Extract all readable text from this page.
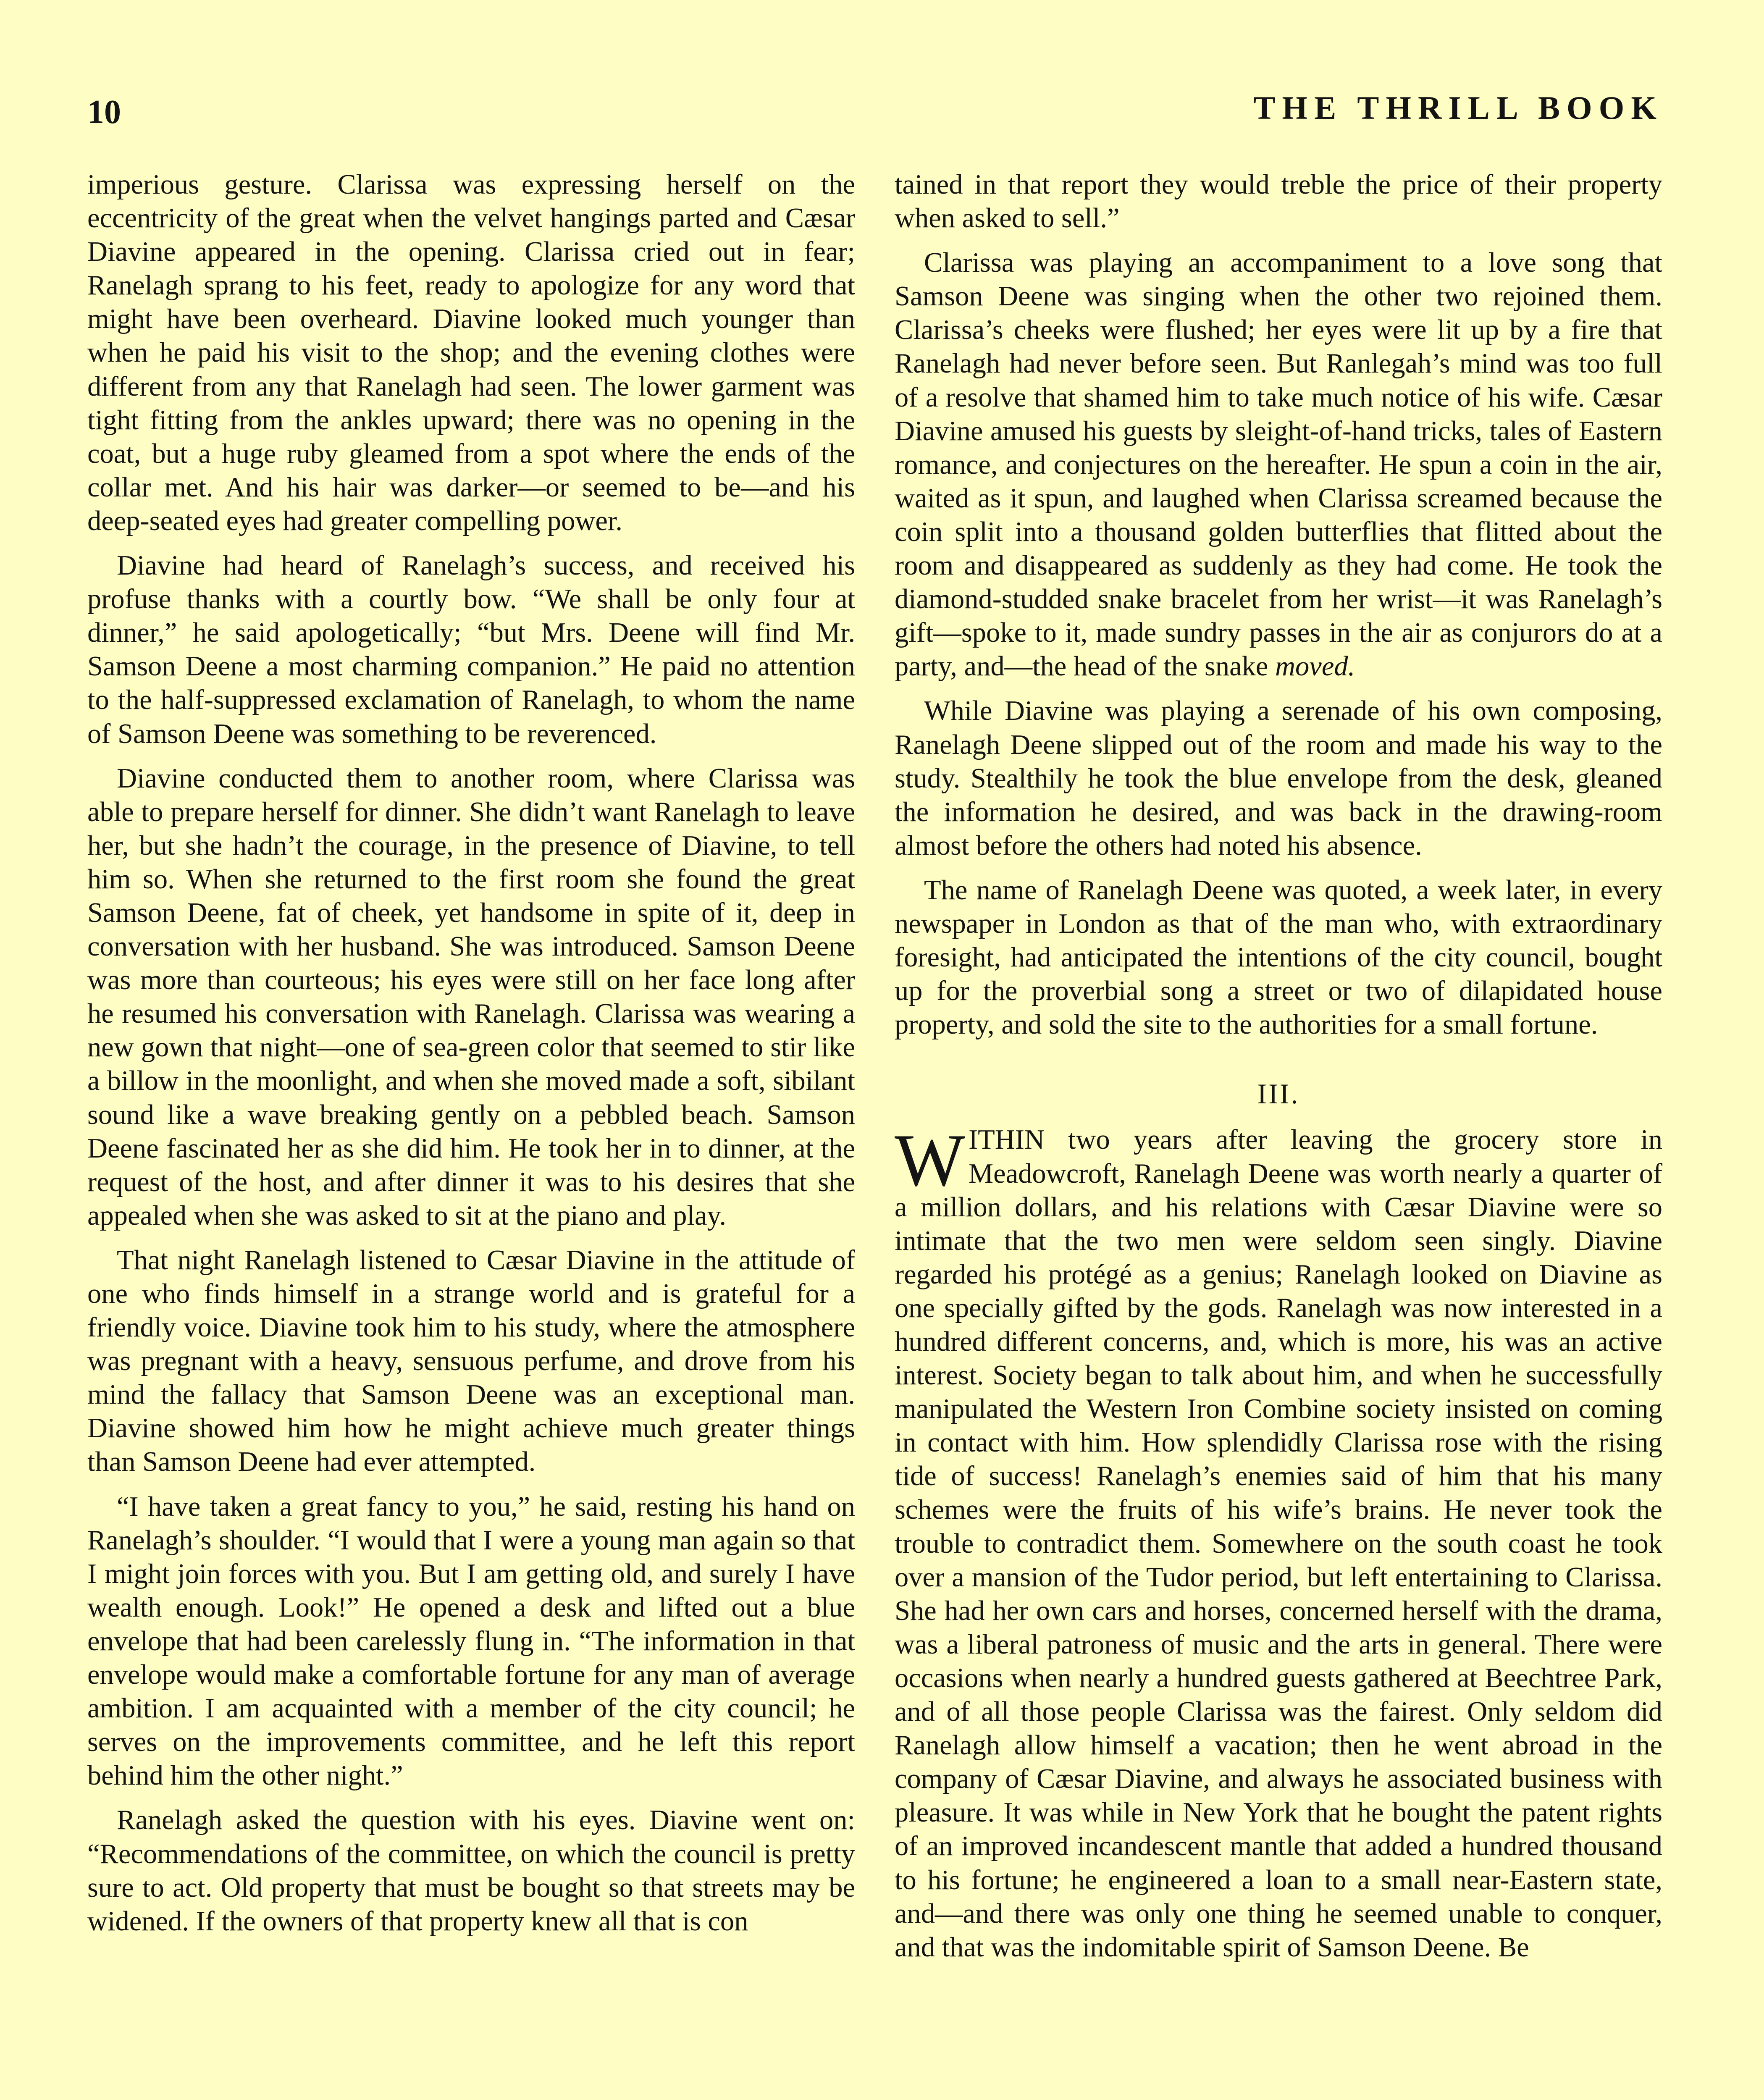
10	THE THRILL BOOK

imperious gesture. Clarissa was expressing herself on the eccentricity of the great when the velvet hangings parted and Cæsar Diavine appeared in the opening. Clarissa cried out in fear; Ranelagh sprang to his feet, ready to apologize for any word that might have been overheard. Diavine looked much younger than when he paid his visit to the shop; and the evening clothes were different from any that Ranelagh had seen. The lower garment was tight fitting from the ankles upward; there was no opening in the coat, but a huge ruby gleamed from a spot where the ends of the collar met. And his hair was darker—or seemed to be—and his deep-seated eyes had greater compelling power.

Diavine had heard of Ranelagh’s success, and received his profuse thanks with a courtly bow. “We shall be only four at dinner,” he said apologetically; “but Mrs. Deene will find Mr. Samson Deene a most charming companion.” He paid no attention to the half-suppressed exclamation of Ranelagh, to whom the name of Samson Deene was something to be reverenced.

Diavine conducted them to another room, where Clarissa was able to prepare herself for dinner. She didn’t want Ranelagh to leave her, but she hadn’t the courage, in the presence of Diavine, to tell him so. When she returned to the first room she found the great Samson Deene, fat of cheek, yet handsome in spite of it, deep in conversation with her husband. She was introduced. Samson Deene was more than courteous; his eyes were still on her face long after he resumed his conversation with Ranelagh. Clarissa was wearing a new gown that night—one of sea-green color that seemed to stir like a billow in the moonlight, and when she moved made a soft, sibilant sound like a wave breaking gently on a pebbled beach. Samson Deene fascinated her as she did him. He took her in to dinner, at the request of the host, and after dinner it was to his desires that she appealed when she was asked to sit at the piano and play.

That night Ranelagh listened to Cæsar Diavine in the attitude of one who finds himself in a strange world and is grateful for a friendly voice. Diavine took him to his study, where the atmosphere was pregnant with a heavy, sensuous perfume, and drove from his mind the fallacy that Samson Deene was an exceptional man. Diavine showed him how he might achieve much greater things than Samson Deene had ever attempted.

“I have taken a great fancy to you,” he said, resting his hand on Ranelagh’s shoulder. “I would that I were a young man again so that I might join forces with you. But I am getting old, and surely I have wealth enough. Look!” He opened a desk and lifted out a blue envelope that had been carelessly flung in. “The information in that envelope would make a comfortable fortune for any man of average ambition. I am acquainted with a member of the city council; he serves on the improvements committee, and he left this report behind him the other night.”

Ranelagh asked the question with his eyes. Diavine went on: “Recommendations of the committee, on which the council is pretty sure to act. Old property that must be bought so that streets may be widened. If the owners of that property knew all that is con

tained in that report they would treble the price of their property when asked to sell.”

Clarissa was playing an accompaniment to a love song that Samson Deene was singing when the other two rejoined them. Clarissa’s cheeks were flushed; her eyes were lit up by a fire that Ranelagh had never before seen. But Ranlegah’s mind was too full of a resolve that shamed him to take much notice of his wife. Cæsar Diavine amused his guests by sleight-of-hand tricks, tales of Eastern romance, and conjectures on the hereafter. He spun a coin in the air, waited as it spun, and laughed when Clarissa screamed because the coin split into a thousand golden butterflies that flitted about the room and disappeared as suddenly as they had come. He took the diamond-studded snake bracelet from her wrist—it was Ranelagh’s gift—spoke to it, made sundry passes in the air as conjurors do at a party, and—the head of the snake moved.

While Diavine was playing a serenade of his own composing, Ranelagh Deene slipped out of the room and made his way to the study. Stealthily he took the blue envelope from the desk, gleaned the information he desired, and was back in the drawing-room almost before the others had noted his absence.

The name of Ranelagh Deene was quoted, a week later, in every newspaper in London as that of the man who, with extraordinary foresight, had anticipated the intentions of the city council, bought up for the proverbial song a street or two of dilapidated house property, and sold the site to the authorities for a small fortune.

III.

WITHIN two years after leaving the grocery store in Meadowcroft, Ranelagh Deene was worth nearly a quarter of a million dollars, and his relations with Cæsar Diavine were so intimate that the two men were seldom seen singly. Diavine regarded his protégé as a genius; Ranelagh looked on Diavine as one specially gifted by the gods. Ranelagh was now interested in a hundred different concerns, and, which is more, his was an active interest. Society began to talk about him, and when he successfully manipulated the Western Iron Combine society insisted on coming in contact with him. How splendidly Clarissa rose with the rising tide of success! Ranelagh’s enemies said of him that his many schemes were the fruits of his wife’s brains. He never took the trouble to contradict them. Somewhere on the south coast he took over a mansion of the Tudor period, but left entertaining to Clarissa. She had her own cars and horses, concerned herself with the drama, was a liberal patroness of music and the arts in general. There were occasions when nearly a hundred guests gathered at Beechtree Park, and of all those people Clarissa was the fairest. Only seldom did Ranelagh allow himself a vacation; then he went abroad in the company of Cæsar Diavine, and always he associated business with pleasure. It was while in New York that he bought the patent rights of an improved incandescent mantle that added a hundred thousand to his fortune; he engineered a loan to a small near-Eastern state, and—and there was only one thing he seemed unable to conquer, and that was the indomitable spirit of Samson Deene. Be
